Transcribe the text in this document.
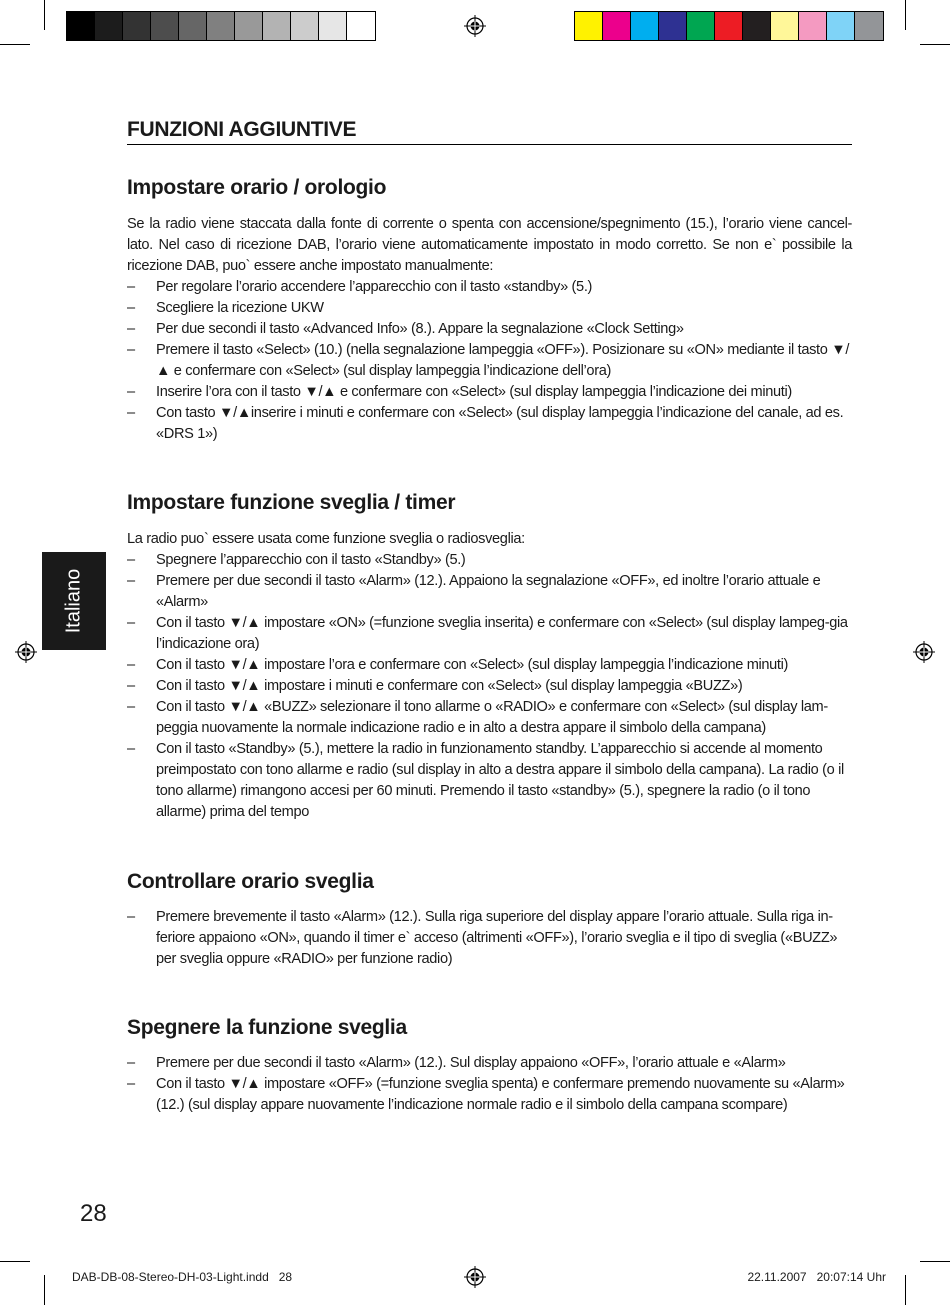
FUNZIONI AGGIUNTIVE
Impostare orario / orologio
Se la radio viene staccata dalla fonte di corrente o spenta con accensione/spegnimento (15.), l’orario viene cancel-lato. Nel caso di ricezione DAB, l’orario viene automaticamente impostato in modo corretto. Se non e` possibile la ricezione DAB, puo` essere anche impostato manualmente:
– Per regolare l’orario accendere l’apparecchio con il tasto «standby» (5.)
– Scegliere la ricezione UKW
– Per due secondi il tasto «Advanced Info» (8.). Appare la segnalazione «Clock Setting»
– Premere il tasto «Select» (10.) (nella segnalazione lampeggia «OFF»). Posizionare su «ON» mediante il tasto ▼/▲ e confermare con «Select» (sul display lampeggia l’indicazione dell’ora)
– Inserire l’ora con il tasto ▼/▲ e confermare con «Select» (sul display lampeggia l’indicazione dei minuti)
– Con tasto ▼/▲inserire i minuti e confermare con «Select» (sul display lampeggia l’indicazione del canale, ad es. «DRS 1»)
Impostare funzione sveglia / timer
La radio puo` essere usata come funzione sveglia o radiosveglia:
– Spegnere l’apparecchio con il tasto «Standby» (5.)
– Premere per due secondi il tasto «Alarm» (12.). Appaiono la segnalazione «OFF», ed inoltre l’orario attuale e «Alarm»
– Con il tasto ▼/▲ impostare «ON» (=funzione sveglia inserita) e confermare con «Select» (sul display lampeg-gia l’indicazione ora)
– Con il tasto ▼/▲ impostare l’ora e confermare con «Select» (sul display lampeggia l’indicazione minuti)
– Con il tasto ▼/▲ impostare i minuti e confermare con «Select» (sul display lampeggia «BUZZ»)
– Con il tasto ▼/▲ «BUZZ» selezionare il tono allarme o «RADIO» e confermare con «Select» (sul display lam-peggia nuovamente la normale indicazione radio e in alto a destra appare il simbolo della campana)
– Con il tasto «Standby» (5.), mettere la radio in funzionamento standby. L’apparecchio si accende al momento preimpostato con tono allarme e radio (sul display in alto a destra appare il simbolo della campana). La radio (o il tono allarme) rimangono accesi per 60 minuti. Premendo il tasto «standby» (5.), spegnere la radio (o il tono allarme) prima del tempo
Controllare orario sveglia
– Premere brevemente il tasto «Alarm» (12.). Sulla riga superiore del display appare l’orario attuale. Sulla riga in-feriore appaiono «ON», quando il timer e` acceso (altrimenti «OFF»), l’orario sveglia e il tipo di sveglia («BUZZ» per sveglia oppure «RADIO» per funzione radio)
Spegnere la funzione sveglia
– Premere per due secondi il tasto «Alarm» (12.). Sul display appaiono «OFF», l’orario attuale e «Alarm»
– Con il tasto ▼/▲ impostare «OFF» (=funzione sveglia spenta) e confermare premendo nuovamente su «Alarm» (12.) (sul display appare nuovamente l’indicazione normale radio e il simbolo della campana scompare)
Italiano
28
DAB-DB-08-Stereo-DH-03-Light.indd   28	22.11.2007   20:07:14 Uhr
